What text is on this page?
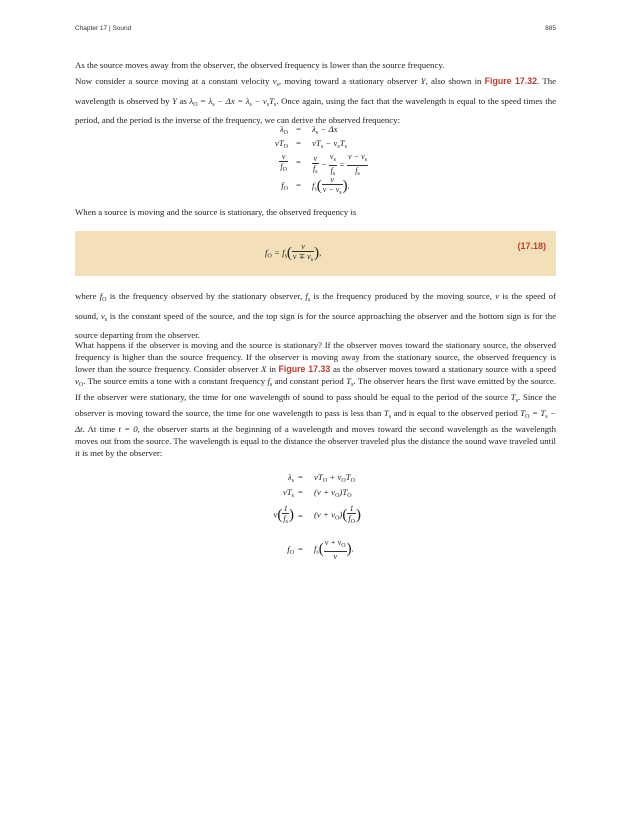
Chapter 17 | Sound	885

As the source moves away from the observer, the observed frequency is lower than the source frequency.

Now consider a source moving at a constant velocity $v_s$, moving toward a stationary observer Y, also shown in Figure 17.32. The wavelength is observed by Y as $\lambda_O = \lambda_s - \Delta x = \lambda_s - v_sT_s$. Once again, using the fact that the wavelength is equal to the speed times the period, and the period is the inverse of the frequency, we can derive the observed frequency:

$\lambda_O = \lambda_s - \Delta x$
$vT_O = vT_s - v_sT_s$
$\frac{v}{f_O} = \frac{v}{f_s} - \frac{v_s}{f_s} = \frac{v - v_s}{f_s}$
$f_O = f_s( \frac{v}{v - v_s}$ ).

When a source is moving and the source is stationary, the observed frequency is

$f_O = f_s( \frac{v}{v \mp v_s}$ ),
(17.18)

where $f_O$ is the frequency observed by the stationary observer, $f_s$ is the frequency produced by the moving source, v is the speed of sound, $v_s$ is the constant speed of the source, and the top sign is for the source approaching the observer and the bottom sign is for the source departing from the observer.

What happens if the observer is moving and the source is stationary? If the observer moves toward the stationary source, the observed frequency is higher than the source frequency. If the observer is moving away from the stationary source, the observed frequency is lower than the source frequency. Consider observer X in Figure 17.33 as the observer moves toward a stationary source with a speed $v_O$. The source emits a tone with a constant frequency $f_s$ and constant period $T_s$. The observer hears the first wave emitted by the source. If the observer were stationary, the time for one wavelength of sound to pass should be equal to the period of the source $T_s$. Since the observer is moving toward the source, the time for one wavelength to pass is less than $T_s$ and is equal to the observed period $T_O = T_s - \Delta t$. At time t = 0, the observer starts at the beginning of a wavelength and moves toward the second wavelength as the wavelength moves out from the source. The wavelength is equal to the distance the observer traveled plus the distance the sound wave traveled until it is met by the observer:

$\lambda_s = vT_O + v_OT_O$
$vT_s = (v + v_O)T_O$
$v( \frac{1}{f_s}$ ) = $(v + v_O)( \frac{1}{f_O}$ )
$f_O = f_s( \frac{v + v_O}{v}$ ).
